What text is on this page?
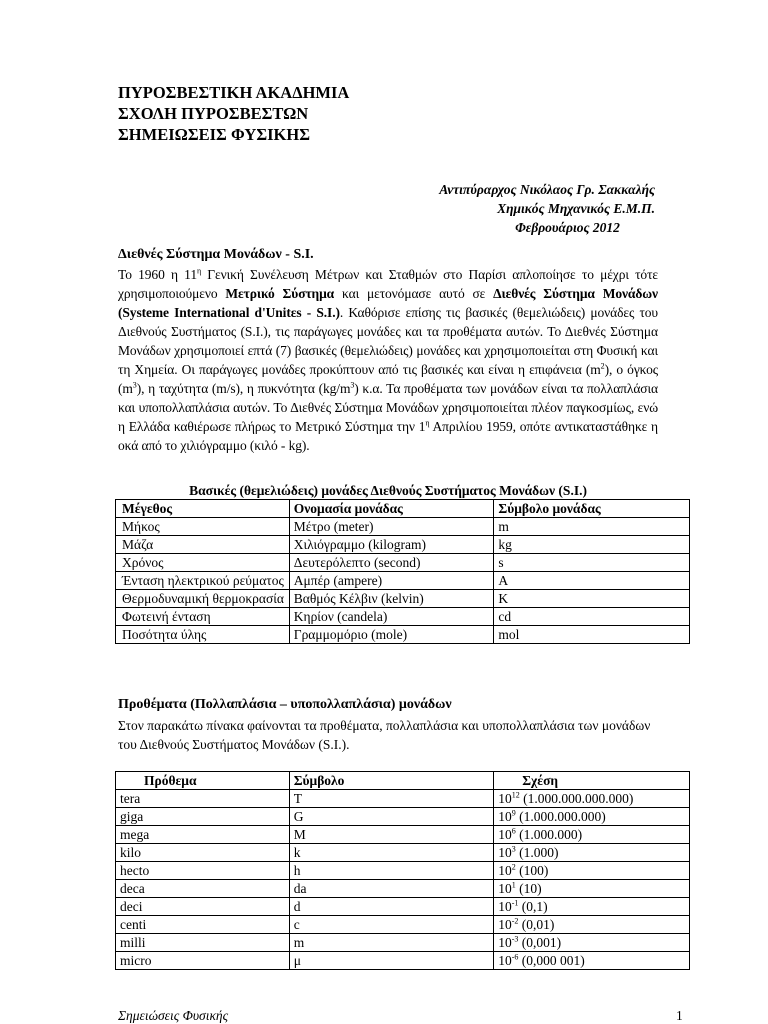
ΠΥΡΟΣΒΕΣΤΙΚΗ ΑΚΑΔΗΜΙΑ
ΣΧΟΛΗ ΠΥΡΟΣΒΕΣΤΩΝ
ΣΗΜΕΙΩΣΕΙΣ ΦΥΣΙΚΗΣ
Αντιπύραρχος Νικόλαος Γρ. Σακκαλής
Χημικός Μηχανικός Ε.Μ.Π.
Φεβρουάριος 2012
Διεθνές Σύστημα Μονάδων - S.I.
Το 1960 η $11^\eta$ Γενική Συνέλευση Μέτρων και Σταθμών στο Παρίσι απλοποίησε το μέχρι τότε χρησιμοποιούμενο Μετρικό Σύστημα και μετονόμασε αυτό σε Διεθνές Σύστημα Μονάδων (Systeme International d'Unitεs - S.I.). Καθόρισε επίσης τις βασικές (θεμελιώδεις) μονάδες του Διεθνούς Συστήματος (S.I.), τις παράγωγες μονάδες και τα προθέματα αυτών. Το Διεθνές Σύστημα Μονάδων χρησιμοποιεί επτά (7) βασικές (θεμελιώδεις) μονάδες και χρησιμοποιείται στη Φυσική και τη Χημεία. Οι παράγωγες μονάδες προκύπτουν από τις βασικές και είναι η επιφάνεια $(m^2)$, ο όγκος $(m^3)$, η ταχύτητα (m/s), η πυκνότητα $(kg/m^3)$ κ.α. Τα προθέματα των μονάδων είναι τα πολλαπλάσια και υποπολλαπλάσια αυτών. Το Διεθνές Σύστημα Μονάδων χρησιμοποιείται πλέον παγκοσμίως, ενώ η Ελλάδα καθιέρωσε πλήρως το Μετρικό Σύστημα την $1^\eta$ Απριλίου 1959, οπότε αντικαταστάθηκε η οκά από το χιλιόγραμμο (κιλό - kg).
Βασικές (θεμελιώδεις) μονάδες Διεθνούς Συστήματος Μονάδων (S.I.)
Μέγεθος	Ονομασία μονάδας	Σύμβολο μονάδας
Μήκος	Μέτρο (meter)	m
Μάζα	Χιλιόγραμμο (kilogram)	kg
Χρόνος	Δευτερόλεπτο (second)	s
Ένταση ηλεκτρικού ρεύματος	Αμπέρ (ampere)	A
Θερμοδυναμική θερμοκρασία	Βαθμός Κέλβιν (kelvin)	K
Φωτεινή ένταση	Κηρίον (candela)	cd
Ποσότητα ύλης	Γραμμομόριο (mole)	mol
Προθέματα (Πολλαπλάσια – υποπολλαπλάσια) μονάδων
Στον παρακάτω πίνακα φαίνονται τα προθέματα, πολλαπλάσια και υποπολλαπλάσια των μονάδων του Διεθνούς Συστήματος Μονάδων (S.I.).
Πρόθεμα	Σύμβολο	Σχέση
tera	T	$10^{12}$ (1.000.000.000.000)
giga	G	$10^9$ (1.000.000.000)
mega	M	$10^6$ (1.000.000)
kilo	k	$10^3$ (1.000)
hecto	h	$10^2$ (100)
deca	da	$10^1$ (10)
deci	d	$10^{-1}$ (0,1)
centi	c	$10^{-2}$ (0,01)
milli	m	$10^{-3}$ (0,001)
micro	μ	$10^{-6}$ (0,000 001)
Σημειώσεις Φυσικής	1
